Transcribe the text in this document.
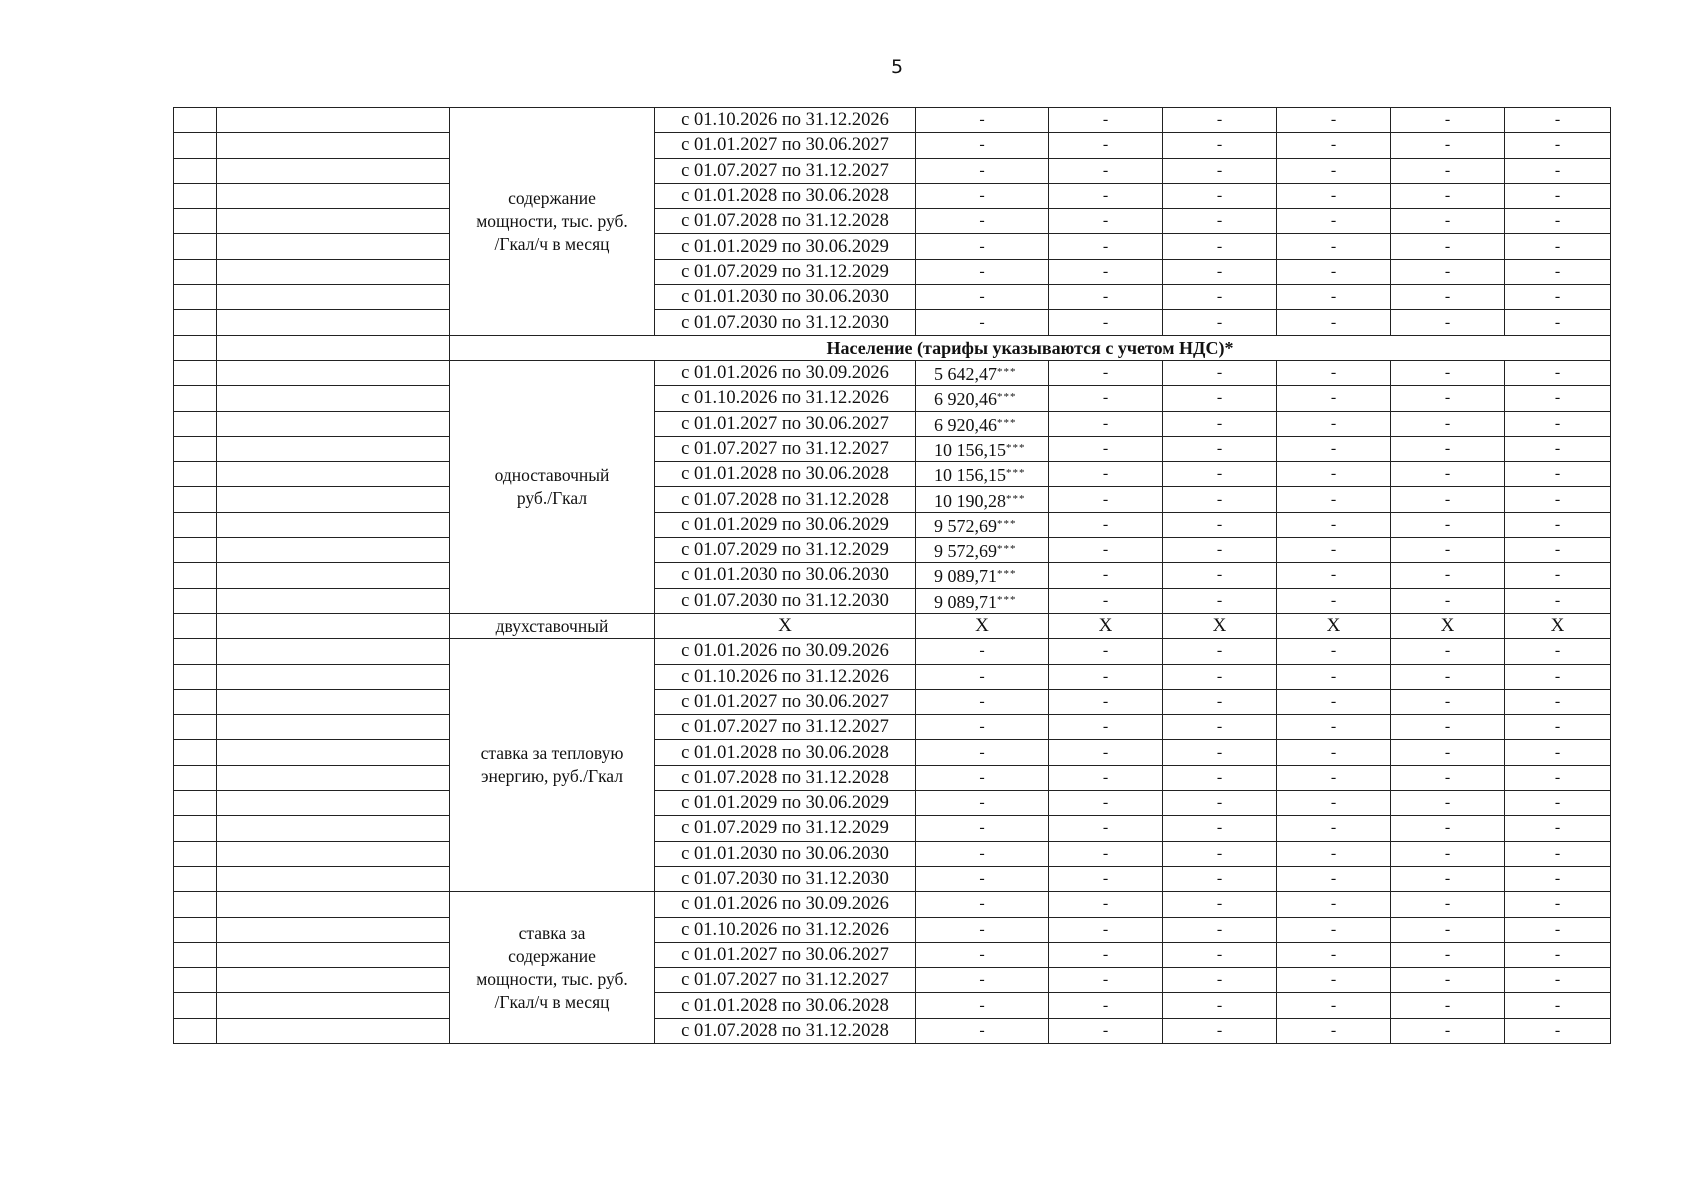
5

		содержание
мощности, тыс. руб.
/Гкал/ч в месяц	с 01.10.2026 по 31.12.2026	-	-	-	-	-	-
			с 01.01.2027 по 30.06.2027	-	-	-	-	-	-
			с 01.07.2027 по 31.12.2027	-	-	-	-	-	-
			с 01.01.2028 по 30.06.2028	-	-	-	-	-	-
			с 01.07.2028 по 31.12.2028	-	-	-	-	-	-
			с 01.01.2029 по 30.06.2029	-	-	-	-	-	-
			с 01.07.2029 по 31.12.2029	-	-	-	-	-	-
			с 01.01.2030 по 30.06.2030	-	-	-	-	-	-
			с 01.07.2030 по 31.12.2030	-	-	-	-	-	-
		Население (тарифы указываются с учетом НДС)*							

		одноставочный
руб./Гкал	с 01.01.2026 по 30.09.2026	5 642,47***	-	-	-	-	-
			с 01.10.2026 по 31.12.2026	6 920,46***	-	-	-	-	-
			с 01.01.2027 по 30.06.2027	6 920,46***	-	-	-	-	-
			с 01.07.2027 по 31.12.2027	10 156,15***	-	-	-	-	-
			с 01.01.2028 по 30.06.2028	10 156,15***	-	-	-	-	-
			с 01.07.2028 по 31.12.2028	10 190,28***	-	-	-	-	-
			с 01.01.2029 по 30.06.2029	9 572,69***	-	-	-	-	-
			с 01.07.2029 по 31.12.2029	9 572,69***	-	-	-	-	-
			с 01.01.2030 по 30.06.2030	9 089,71***	-	-	-	-	-
			с 01.07.2030 по 31.12.2030	9 089,71***	-	-	-	-	-
		двухставочный	X	X	X	X	X	X	X

		ставка за тепловую
энергию, руб./Гкал	с 01.01.2026 по 30.09.2026	-	-	-	-	-	-
			с 01.10.2026 по 31.12.2026	-	-	-	-	-	-
			с 01.01.2027 по 30.06.2027	-	-	-	-	-	-
			с 01.07.2027 по 31.12.2027	-	-	-	-	-	-
			с 01.01.2028 по 30.06.2028	-	-	-	-	-	-
			с 01.07.2028 по 31.12.2028	-	-	-	-	-	-
			с 01.01.2029 по 30.06.2029	-	-	-	-	-	-
			с 01.07.2029 по 31.12.2029	-	-	-	-	-	-
			с 01.01.2030 по 30.06.2030	-	-	-	-	-	-
			с 01.07.2030 по 31.12.2030	-	-	-	-	-	-

		ставка за
содержание
мощности, тыс. руб.
/Гкал/ч в месяц	с 01.01.2026 по 30.09.2026	-	-	-	-	-	-
			с 01.10.2026 по 31.12.2026	-	-	-	-	-	-
			с 01.01.2027 по 30.06.2027	-	-	-	-	-	-
			с 01.07.2027 по 31.12.2027	-	-	-	-	-	-
			с 01.01.2028 по 30.06.2028	-	-	-	-	-	-
			с 01.07.2028 по 31.12.2028	-	-	-	-	-	-
